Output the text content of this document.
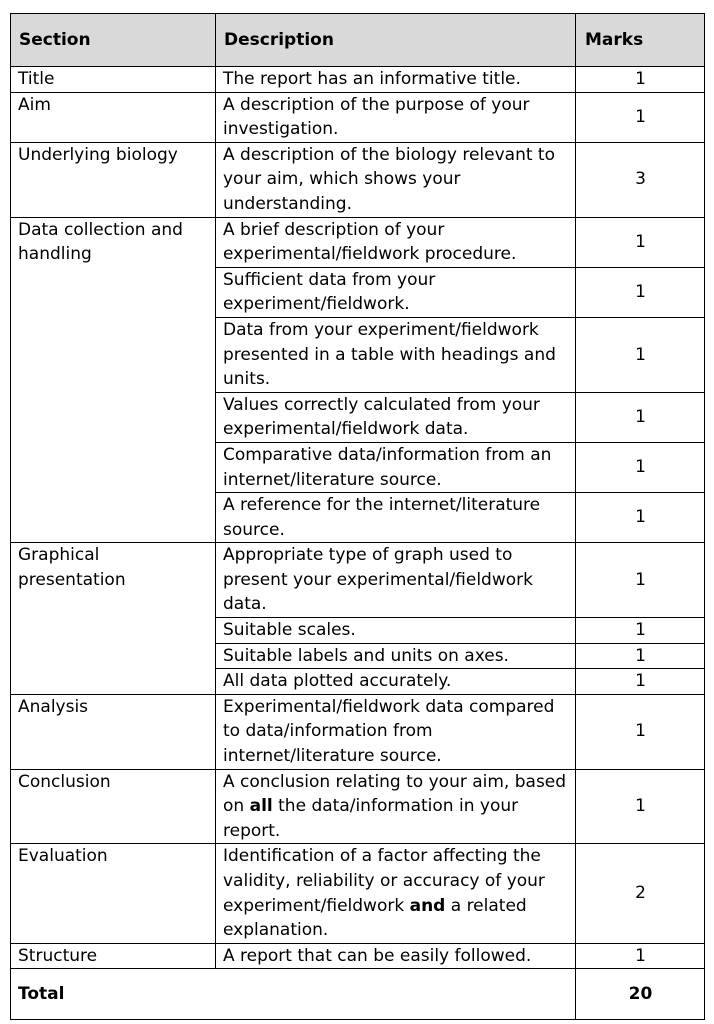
Section	Description	Marks
Title	The report has an informative title.	1
Aim	A description of the purpose of your investigation.	1
Underlying biology	A description of the biology relevant to your aim, which shows your understanding.	3
Data collection and handling	A brief description of your experimental/fieldwork procedure.	1
	Sufficient data from your experiment/fieldwork.	1
	Data from your experiment/fieldwork presented in a table with headings and units.	1
	Values correctly calculated from your experimental/fieldwork data.	1
	Comparative data/information from an internet/literature source.	1
	A reference for the internet/literature source.	1
Graphical presentation	Appropriate type of graph used to present your experimental/fieldwork data.	1
	Suitable scales.	1
	Suitable labels and units on axes.	1
	All data plotted accurately.	1
Analysis	Experimental/fieldwork data compared to data/information from internet/literature source.	1
Conclusion	A conclusion relating to your aim, based on all the data/information in your report.	1
Evaluation	Identification of a factor affecting the validity, reliability or accuracy of your experiment/fieldwork and a related explanation.	2
Structure	A report that can be easily followed.	1
Total		20
